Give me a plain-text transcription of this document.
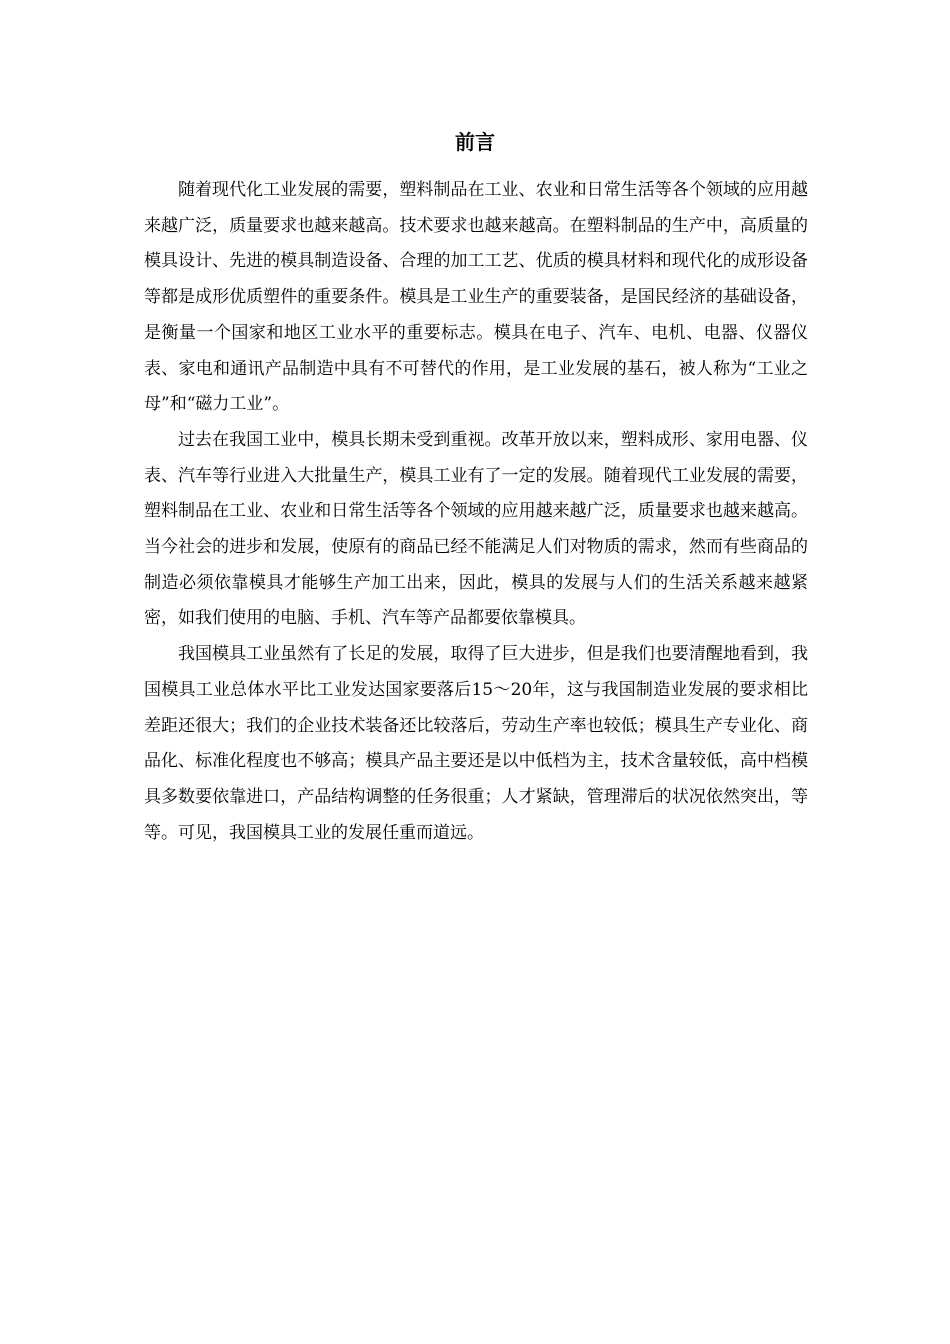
前言

随着现代化工业发展的需要，塑料制品在工业、农业和日常生活等各个领域的应用越来越广泛，质量要求也越来越高。技术要求也越来越高。在塑料制品的生产中，高质量的模具设计、先进的模具制造设备、合理的加工工艺、优质的模具材料和现代化的成形设备等都是成形优质塑件的重要条件。模具是工业生产的重要装备，是国民经济的基础设备，是衡量一个国家和地区工业水平的重要标志。模具在电子、汽车、电机、电器、仪器仪表、家电和通讯产品制造中具有不可替代的作用，是工业发展的基石，被人称为“工业之母”和“磁力工业”。

过去在我国工业中，模具长期未受到重视。改革开放以来，塑料成形、家用电器、仪表、汽车等行业进入大批量生产，模具工业有了一定的发展。随着现代工业发展的需要，塑料制品在工业、农业和日常生活等各个领域的应用越来越广泛，质量要求也越来越高。当今社会的进步和发展，使原有的商品已经不能满足人们对物质的需求，然而有些商品的制造必须依靠模具才能够生产加工出来，因此，模具的发展与人们的生活关系越来越紧密，如我们使用的电脑、手机、汽车等产品都要依靠模具。

我国模具工业虽然有了长足的发展，取得了巨大进步，但是我们也要清醒地看到，我国模具工业总体水平比工业发达国家要落后15～20年，这与我国制造业发展的要求相比差距还很大；我们的企业技术装备还比较落后，劳动生产率也较低；模具生产专业化、商品化、标准化程度也不够高；模具产品主要还是以中低档为主，技术含量较低，高中档模具多数要依靠进口，产品结构调整的任务很重；人才紧缺，管理滞后的状况依然突出，等等。可见，我国模具工业的发展任重而道远。
